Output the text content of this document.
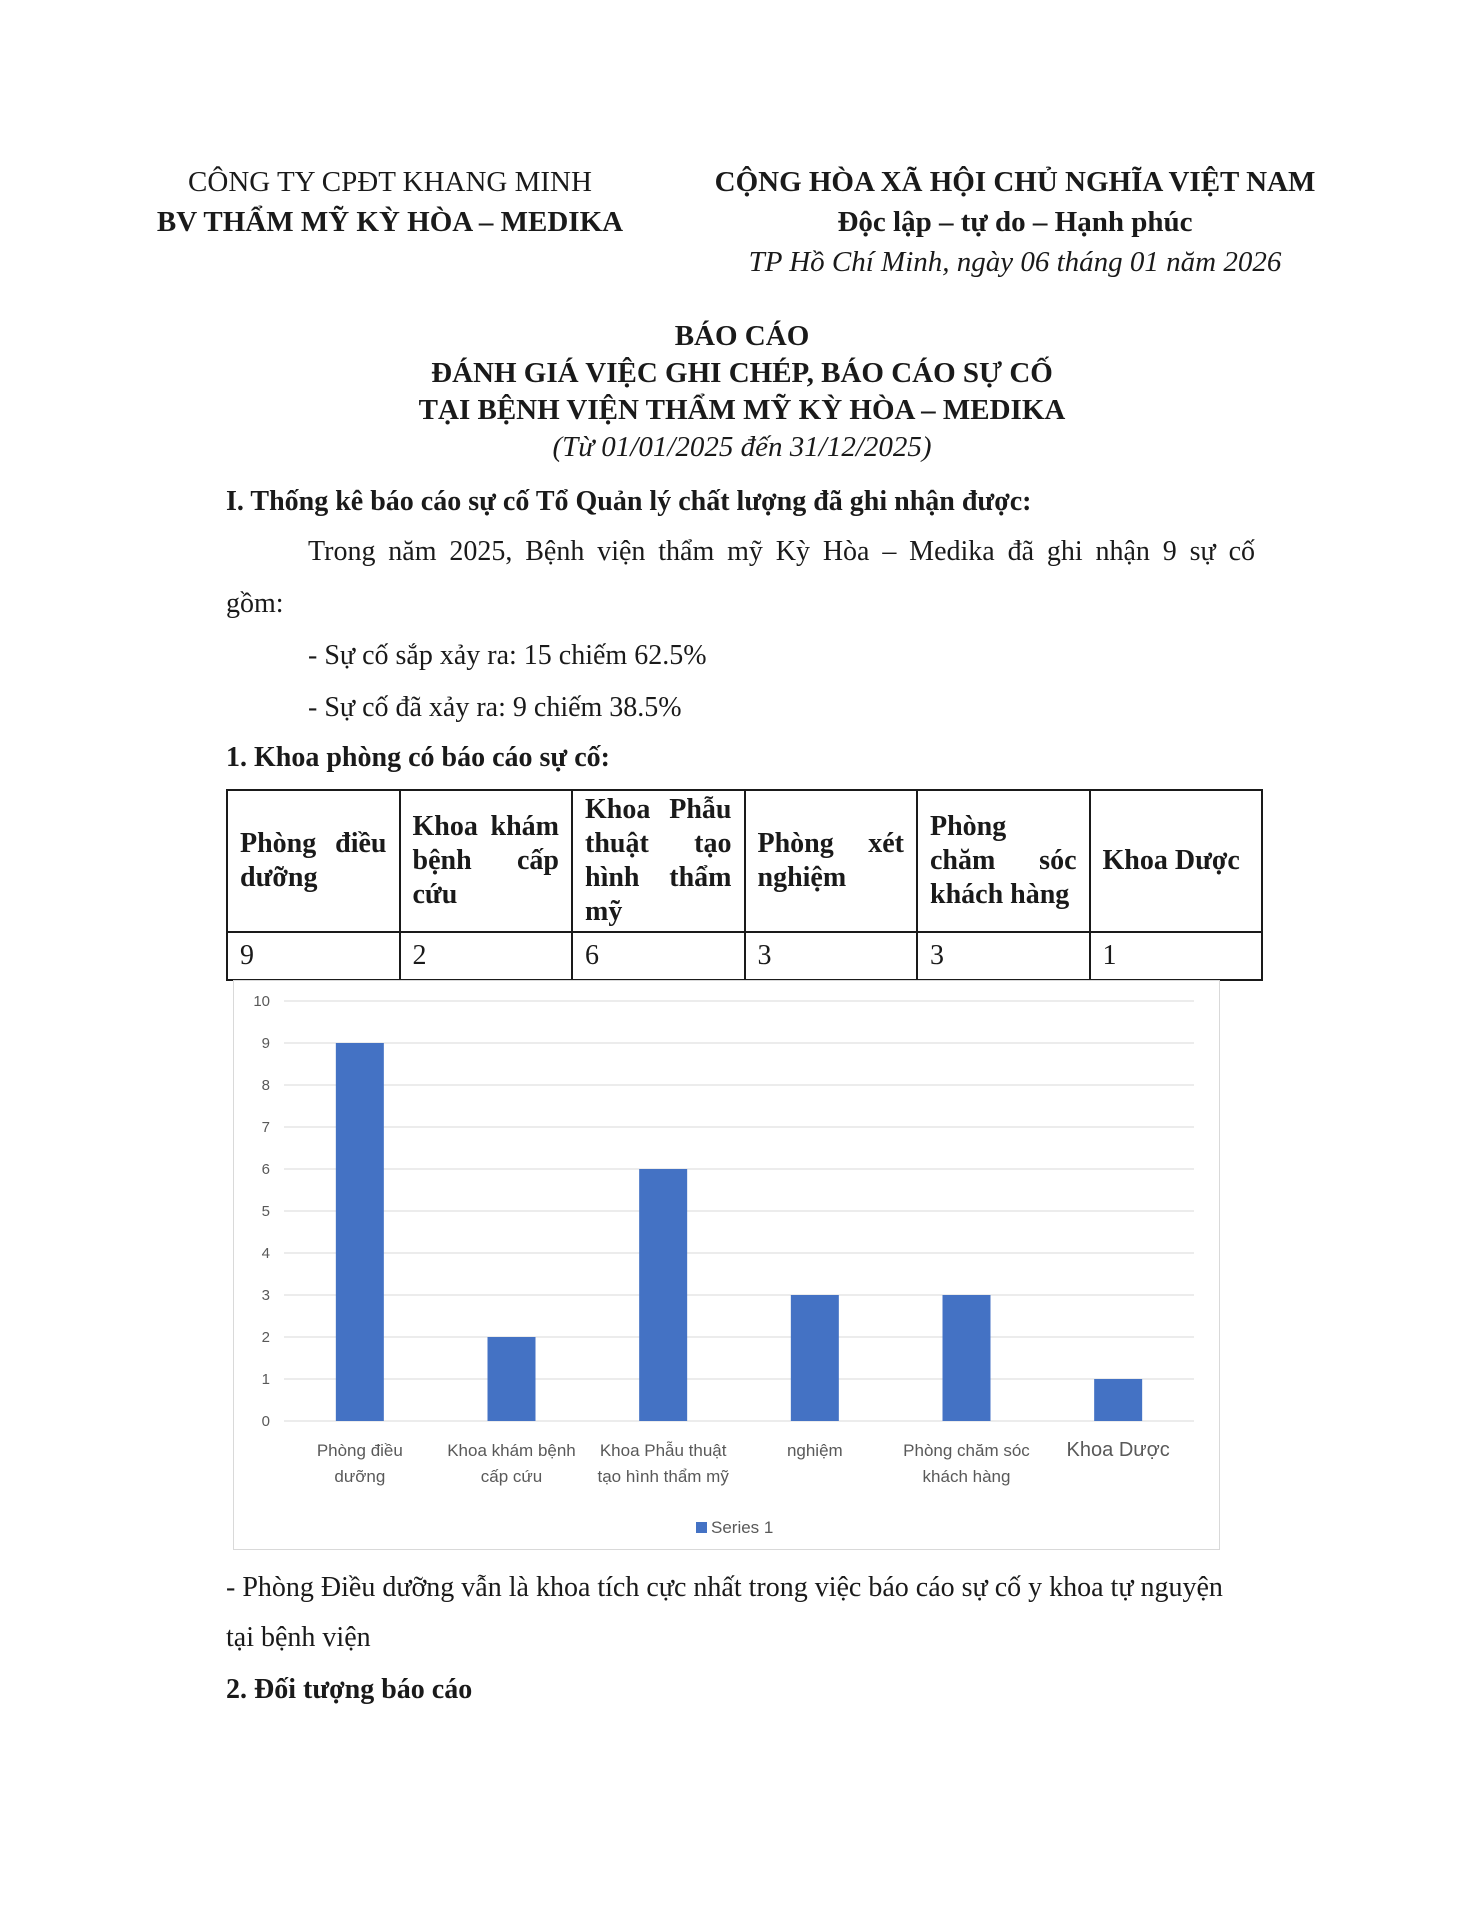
CÔNG TY CPĐT KHANG MINH
BV THẨM MỸ KỲ HÒA – MEDIKA
CỘNG HÒA XÃ HỘI CHỦ NGHĨA VIỆT NAM
Độc lập – tự do – Hạnh phúc
TP Hồ Chí Minh, ngày 06 tháng 01 năm 2026
BÁO CÁO
ĐÁNH GIÁ VIỆC GHI CHÉP, BÁO CÁO SỰ CỐ
TẠI BỆNH VIỆN THẨM MỸ KỲ HÒA – MEDIKA
(Từ 01/01/2025 đến 31/12/2025)
I. Thống kê báo cáo sự cố Tổ Quản lý chất lượng đã ghi nhận được:
Trong năm 2025, Bệnh viện thẩm mỹ Kỳ Hòa – Medika đã ghi nhận 9 sự cố
gồm:
- Sự cố sắp xảy ra: 15 chiếm 62.5%
- Sự cố đã xảy ra: 9 chiếm 38.5%
1. Khoa phòng có báo cáo sự cố:
Phòng điều dưỡng	Khoa khám bệnh cấp cứu	Khoa Phẫu thuật tạo hình thẩm mỹ	Phòng xét nghiệm	Phòng chăm sóc khách hàng	Khoa Dược
9	2	6	3	3	1
0
1
2
3
4
5
6
7
8
9
10
Phòng điều
dưỡng
Khoa khám bệnh
cấp cứu
Khoa Phẫu thuật
tạo hình thẩm mỹ
nghiệm	Phòng chăm sóc
khách hàng
Khoa Dược
Series 1
- Phòng Điều dưỡng vẫn là khoa tích cực nhất trong việc báo cáo sự cố y khoa tự nguyện
tại bệnh viện
2. Đối tượng báo cáo
